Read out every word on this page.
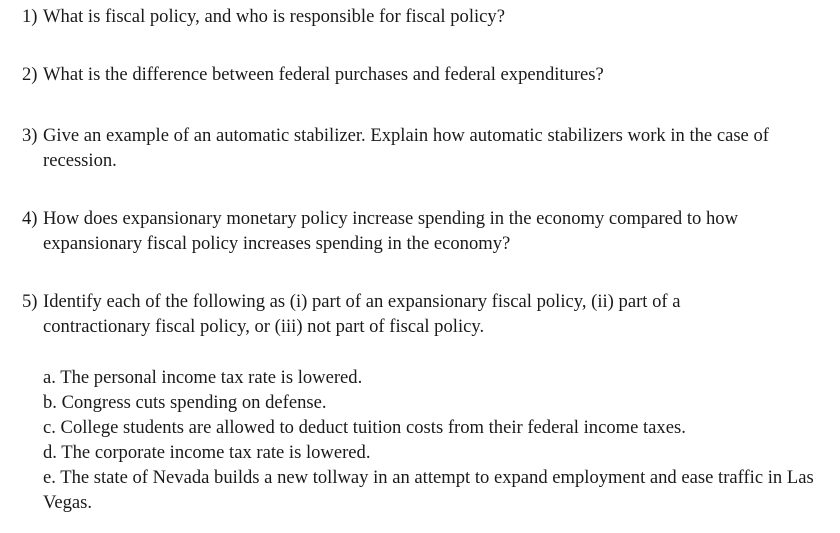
1) What is fiscal policy, and who is responsible for fiscal policy?
2) What is the difference between federal purchases and federal expenditures?
3) Give an example of an automatic stabilizer. Explain how automatic stabilizers work in the case of recession.
4) How does expansionary monetary policy increase spending in the economy compared to how expansionary fiscal policy increases spending in the economy?
5) Identify each of the following as (i) part of an expansionary fiscal policy, (ii) part of a contractionary fiscal policy, or (iii) not part of fiscal policy.
a. The personal income tax rate is lowered.
b. Congress cuts spending on defense.
c. College students are allowed to deduct tuition costs from their federal income taxes.
d. The corporate income tax rate is lowered.
e. The state of Nevada builds a new tollway in an attempt to expand employment and ease traffic in Las Vegas.
